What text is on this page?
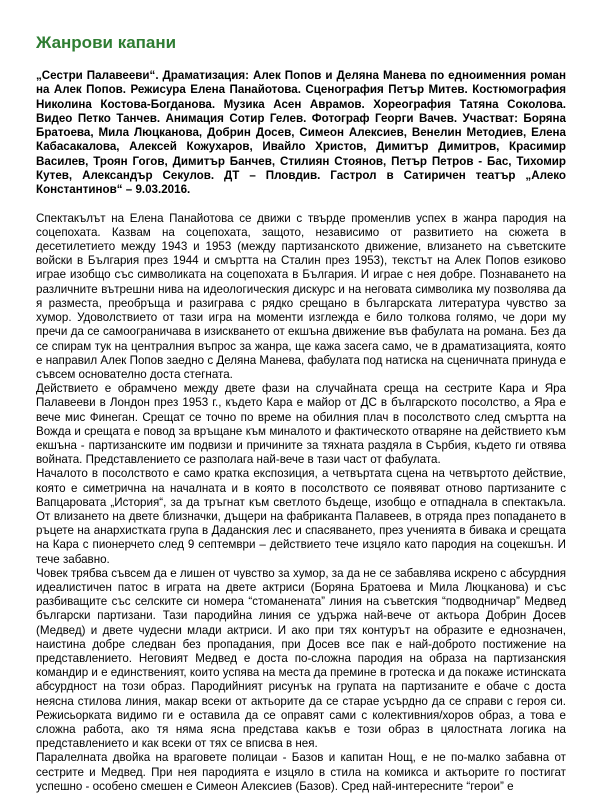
Жанрови капани

„Сестри Палавееви“. Драматизация: Алек Попов и Деляна Манева по едноименния роман на Алек Попов. Режисура Елена Панайотова. Сценография Петър Митев. Костюмография Николина Костова-Богданова. Музика Асен Аврамов. Хореография Татяна Соколова. Видео Петко Танчев. Анимация Сотир Гелев. Фотограф Георги Вачев. Участват: Боряна Братоева, Мила Люцканова, Добрин Досев, Симеон Алексиев, Венелин Методиев, Елена Кабасакалова, Алексей Кожухаров, Ивайло Христов, Димитър Димитров, Красимир Василев, Троян Гогов, Димитър Банчев, Стилиян Стоянов, Петър Петров - Бас, Тихомир Кутев, Александър Секулов. ДТ – Пловдив. Гастрол в Сатиричен театър „Алеко Константинов“ – 9.03.2016.

Спектакълът на Елена Панайотова се движи с твърде променлив успех в жанра пародия на соцепохата. Казвам на соцепохата, защото, независимо от развитието на сюжета в десетилетието между 1943 и 1953 (между партизанското движение, влизането на съветските войски в България през 1944 и смъртта на Сталин през 1953), текстът на Алек Попов езиково играе изобщо със символиката на соцепохата в България. И играе с нея добре. Познаването на различните вътрешни нива на идеологическия дискурс и на неговата символика му позволява да я разместа, преобръща и разиграва с рядко срещано в българската литература чувство за хумор. Удоволствието от тази игра на моменти изглежда е било толкова голямо, че дори му пречи да се самоограничава в изискването от екшъна движение във фабулата на романа. Без да се спирам тук на централния въпрос за жанра, ще кажа засега само, че в драматизацията, която е направил Алек Попов заедно с Деляна Манева, фабулата под натиска на сценичната принуда е съвсем основателно доста стегната.

Действието е обрамчено между двете фази на случайната среща на сестрите Кара и Яра Палавееви в Лондон през 1953 г., където Кара е майор от ДС в българското посолство, а Яра е вече мис Финеган. Срещат се точно по време на обилния плач в посолството след смъртта на Вожда и срещата е повод за връщане към миналото и фактическото отваряне на действието към екшъна - партизанските им подвизи и причините за тяхната раздяла в Сърбия, където ги отвява войната. Представлението се разполага най-вече в тази част от фабулата.

Началото в посолството е само кратка експозиция, а четвъртата сцена на четвъртото действие, която е симетрична на началната и в която в посолството се появяват отново партизаните с Вапцаровата „История“, за да тръгнат към светлото бъдеще, изобщо е отпаднала в спектакъла. От влизането на двете близначки, дъщери на фабриканта Палавеев, в отряда през попадането в ръцете на анархистката група в Даданския лес и спасяването, през ученията в бивака и срещата на Кара с пионерчето след 9 септември – действието тече изцяло като пародия на соцекшън. И тече забавно.

Човек трябва съвсем да е лишен от чувство за хумор, за да не се забавлява искрено с абсурдния идеалистичен патос в играта на двете актриси (Боряна Братоева и Мила Люцканова) и със разбиващите със селските си номера “стоманената” линия на съветския “подводничар” Медвед български партизани. Тази пародийна линия се удържа най-вече от актьора Добрин Досев (Медвед) и двете чудесни млади актриси. И ако при тях контурът на образите е еднозначен, наистина добре следван без пропадания, при Досев все пак е най-доброто постижение на представлението. Неговият Медвед е доста по-сложна пародия на образа на партизанския командир и е единственият, които успява на места да премине в гротеска и да покаже истинската абсурдност на този образ. Пародийният рисунък на групата на партизаните е обаче с доста неясна стилова линия, макар всеки от актьорите да се старае усърдно да се справи с героя си. Режисьорката видимо ги е оставила да се оправят сами с колективния/хоров образ, а това е сложна работа, ако тя няма ясна представа какъв е този образ в цялостната логика на представлението и как всеки от тях се вписва в нея.

Паралелната двойка на враговете полицаи - Базов и капитан Нощ, е не по-малко забавна от сестрите и Медвед. При нея пародията е изцяло в стила на комикса и актьорите го постигат успешно - особено смешен е Симеон Алексиев (Базов). Сред най-интересните “герои” е
